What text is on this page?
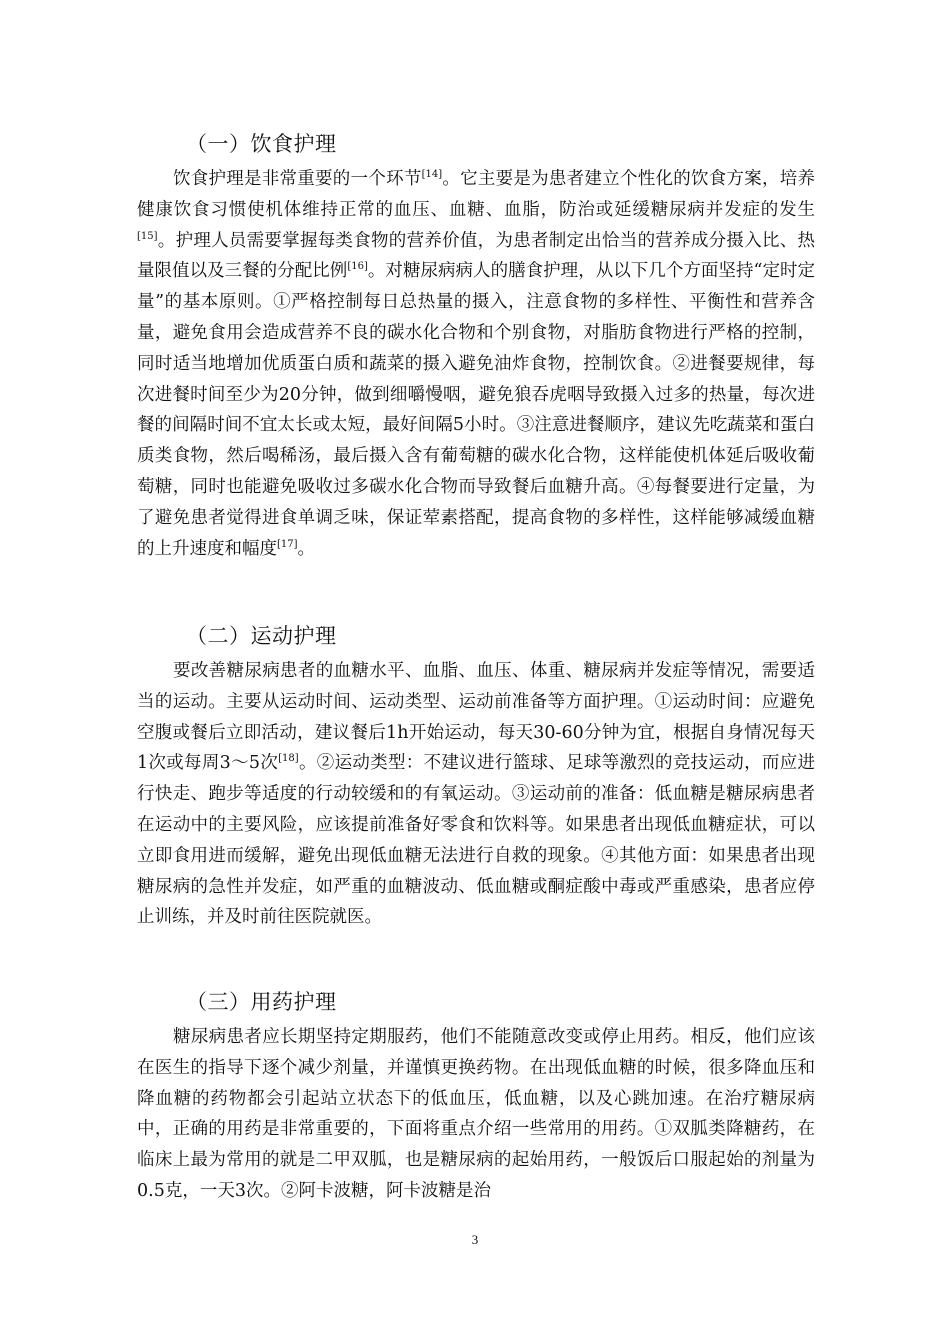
（一）饮食护理

饮食护理是非常重要的一个环节[14]。它主要是为患者建立个性化的饮食方案，培养健康饮食习惯使机体维持正常的血压、血糖、血脂，防治或延缓糖尿病并发症的发生[15]。护理人员需要掌握每类食物的营养价值，为患者制定出恰当的营养成分摄入比、热量限值以及三餐的分配比例[16]。对糖尿病病人的膳食护理，从以下几个方面坚持“定时定量”的基本原则。①严格控制每日总热量的摄入，注意食物的多样性、平衡性和营养含量，避免食用会造成营养不良的碳水化合物和个别食物，对脂肪食物进行严格的控制，同时适当地增加优质蛋白质和蔬菜的摄入避免油炸食物，控制饮食。②进餐要规律，每次进餐时间至少为20分钟，做到细嚼慢咽，避免狼吞虎咽导致摄入过多的热量，每次进餐的间隔时间不宜太长或太短，最好间隔5小时。③注意进餐顺序，建议先吃蔬菜和蛋白质类食物，然后喝稀汤，最后摄入含有葡萄糖的碳水化合物，这样能使机体延后吸收葡萄糖，同时也能避免吸收过多碳水化合物而导致餐后血糖升高。④每餐要进行定量，为了避免患者觉得进食单调乏味，保证荤素搭配，提高食物的多样性，这样能够减缓血糖的上升速度和幅度[17]。

（二）运动护理

要改善糖尿病患者的血糖水平、血脂、血压、体重、糖尿病并发症等情况，需要适当的运动。主要从运动时间、运动类型、运动前准备等方面护理。①运动时间：应避免空腹或餐后立即活动，建议餐后1h开始运动，每天30-60分钟为宜，根据自身情况每天1次或每周3～5次[18]。②运动类型：不建议进行篮球、足球等激烈的竞技运动，而应进行快走、跑步等适度的行动较缓和的有氧运动。③运动前的准备：低血糖是糖尿病患者在运动中的主要风险，应该提前准备好零食和饮料等。如果患者出现低血糖症状，可以立即食用进而缓解，避免出现低血糖无法进行自救的现象。④其他方面：如果患者出现糖尿病的急性并发症，如严重的血糖波动、低血糖或酮症酸中毒或严重感染，患者应停止训练，并及时前往医院就医。

（三）用药护理

糖尿病患者应长期坚持定期服药，他们不能随意改变或停止用药。相反，他们应该在医生的指导下逐个减少剂量，并谨慎更换药物。在出现低血糖的时候，很多降血压和降血糖的药物都会引起站立状态下的低血压，低血糖，以及心跳加速。在治疗糖尿病中，正确的用药是非常重要的，下面将重点介绍一些常用的用药。①双胍类降糖药，在临床上最为常用的就是二甲双胍，也是糖尿病的起始用药，一般饭后口服起始的剂量为0.5克，一天3次。②阿卡波糖，阿卡波糖是治

3
